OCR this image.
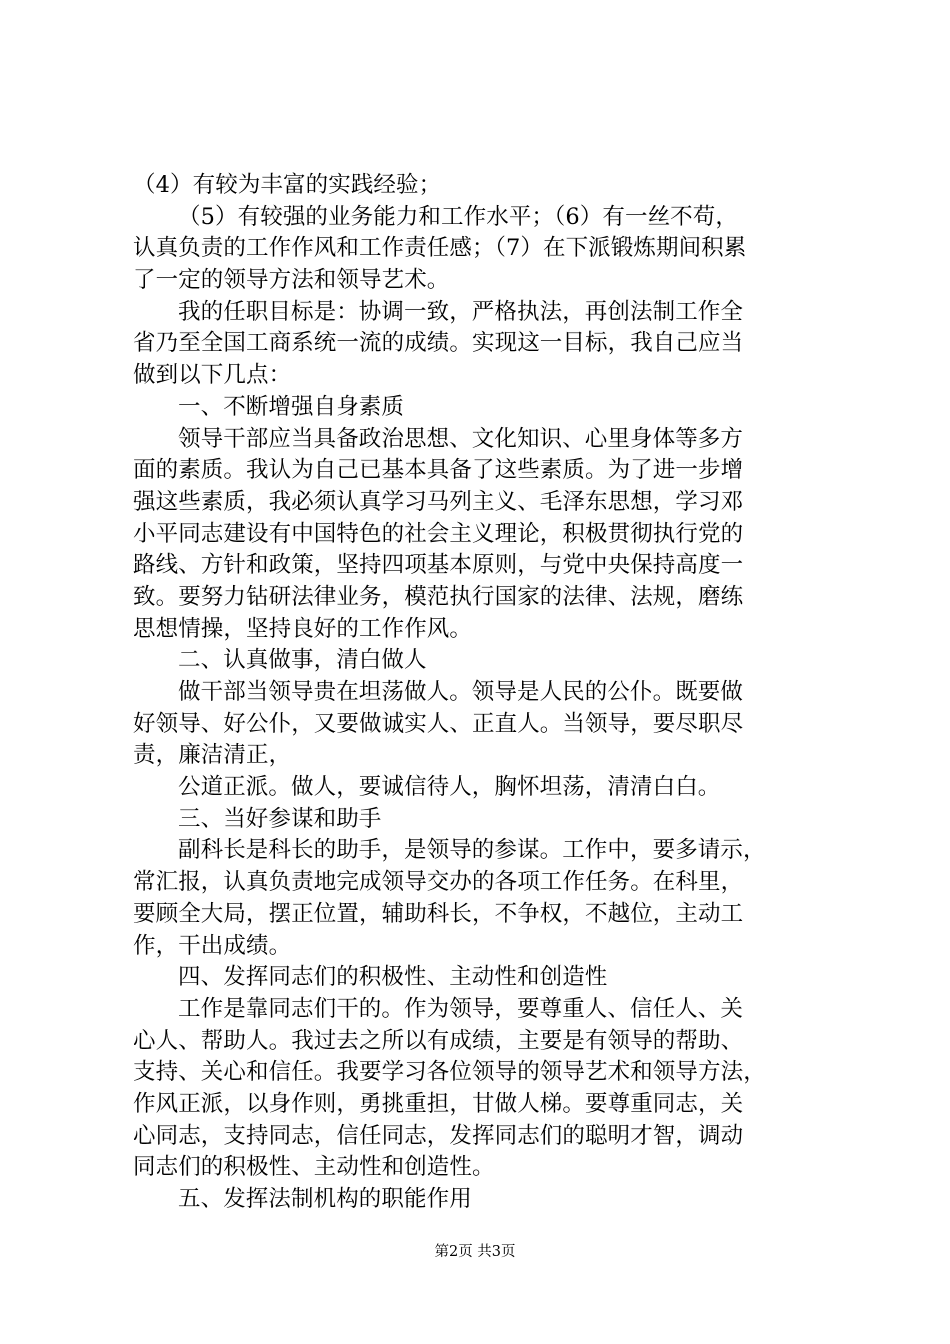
（4）有较为丰富的实践经验；
（5）有较强的业务能力和工作水平；（6）有一丝不苟，
认真负责的工作作风和工作责任感；（7）在下派锻炼期间积累
了一定的领导方法和领导艺术。
我的任职目标是：协调一致，严格执法，再创法制工作全
省乃至全国工商系统一流的成绩。实现这一目标，我自己应当
做到以下几点：
一、不断增强自身素质
领导干部应当具备政治思想、文化知识、心里身体等多方
面的素质。我认为自己已基本具备了这些素质。为了进一步增
强这些素质，我必须认真学习马列主义、毛泽东思想，学习邓
小平同志建设有中国特色的社会主义理论，积极贯彻执行党的
路线、方针和政策，坚持四项基本原则，与党中央保持高度一
致。要努力钻研法律业务，模范执行国家的法律、法规，磨练
思想情操，坚持良好的工作作风。
二、认真做事，清白做人
做干部当领导贵在坦荡做人。领导是人民的公仆。既要做
好领导、好公仆，又要做诚实人、正直人。当领导，要尽职尽
责，廉洁清正，
公道正派。做人，要诚信待人，胸怀坦荡，清清白白。
三、当好参谋和助手
副科长是科长的助手，是领导的参谋。工作中，要多请示，
常汇报，认真负责地完成领导交办的各项工作任务。在科里，
要顾全大局，摆正位置，辅助科长，不争权，不越位，主动工
作，干出成绩。
四、发挥同志们的积极性、主动性和创造性
工作是靠同志们干的。作为领导，要尊重人、信任人、关
心人、帮助人。我过去之所以有成绩，主要是有领导的帮助、
支持、关心和信任。我要学习各位领导的领导艺术和领导方法，
作风正派，以身作则，勇挑重担，甘做人梯。要尊重同志，关
心同志，支持同志，信任同志，发挥同志们的聪明才智，调动
同志们的积极性、主动性和创造性。
五、发挥法制机构的职能作用
第2页 共3页
